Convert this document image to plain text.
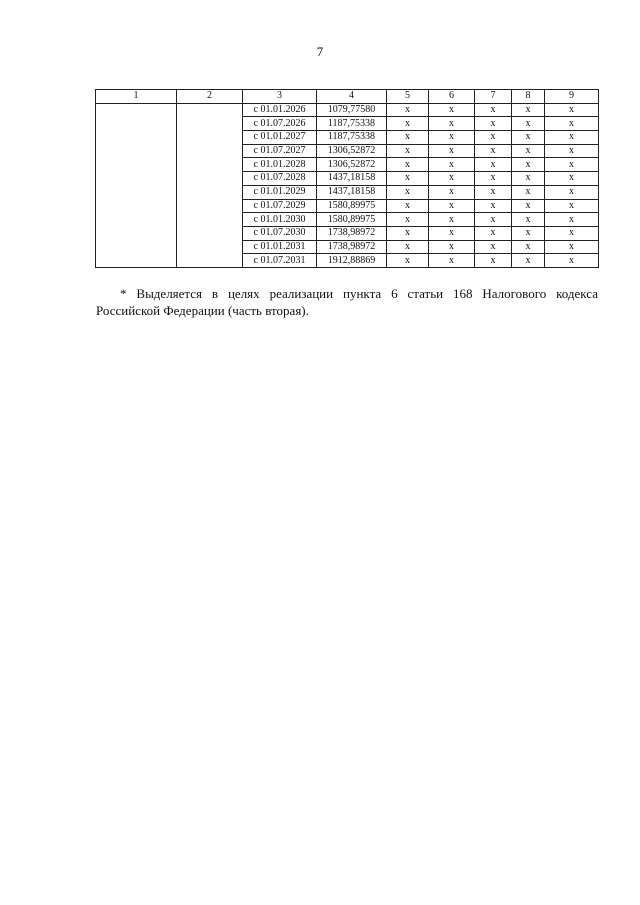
7
1	2	3	4	5	6	7	8	9
		с 01.01.2026	1079,77580	x	x	x	x	x
		с 01.07.2026	1187,75338	x	x	x	x	x
		с 01.01.2027	1187,75338	x	x	x	x	x
		с 01.07.2027	1306,52872	x	x	x	x	x
		с 01.01.2028	1306,52872	x	x	x	x	x
		с 01.07.2028	1437,18158	x	x	x	x	x
		с 01.01.2029	1437,18158	x	x	x	x	x
		с 01.07.2029	1580,89975	x	x	x	x	x
		с 01.01.2030	1580,89975	x	x	x	x	x
		с 01.07.2030	1738,98972	x	x	x	x	x
		с 01.01.2031	1738,98972	x	x	x	x	x
		с 01.07.2031	1912,88869	x	x	x	x	x
* Выделяется в целях реализации пункта 6 статьи 168 Налогового кодекса Российской Федерации (часть вторая).
